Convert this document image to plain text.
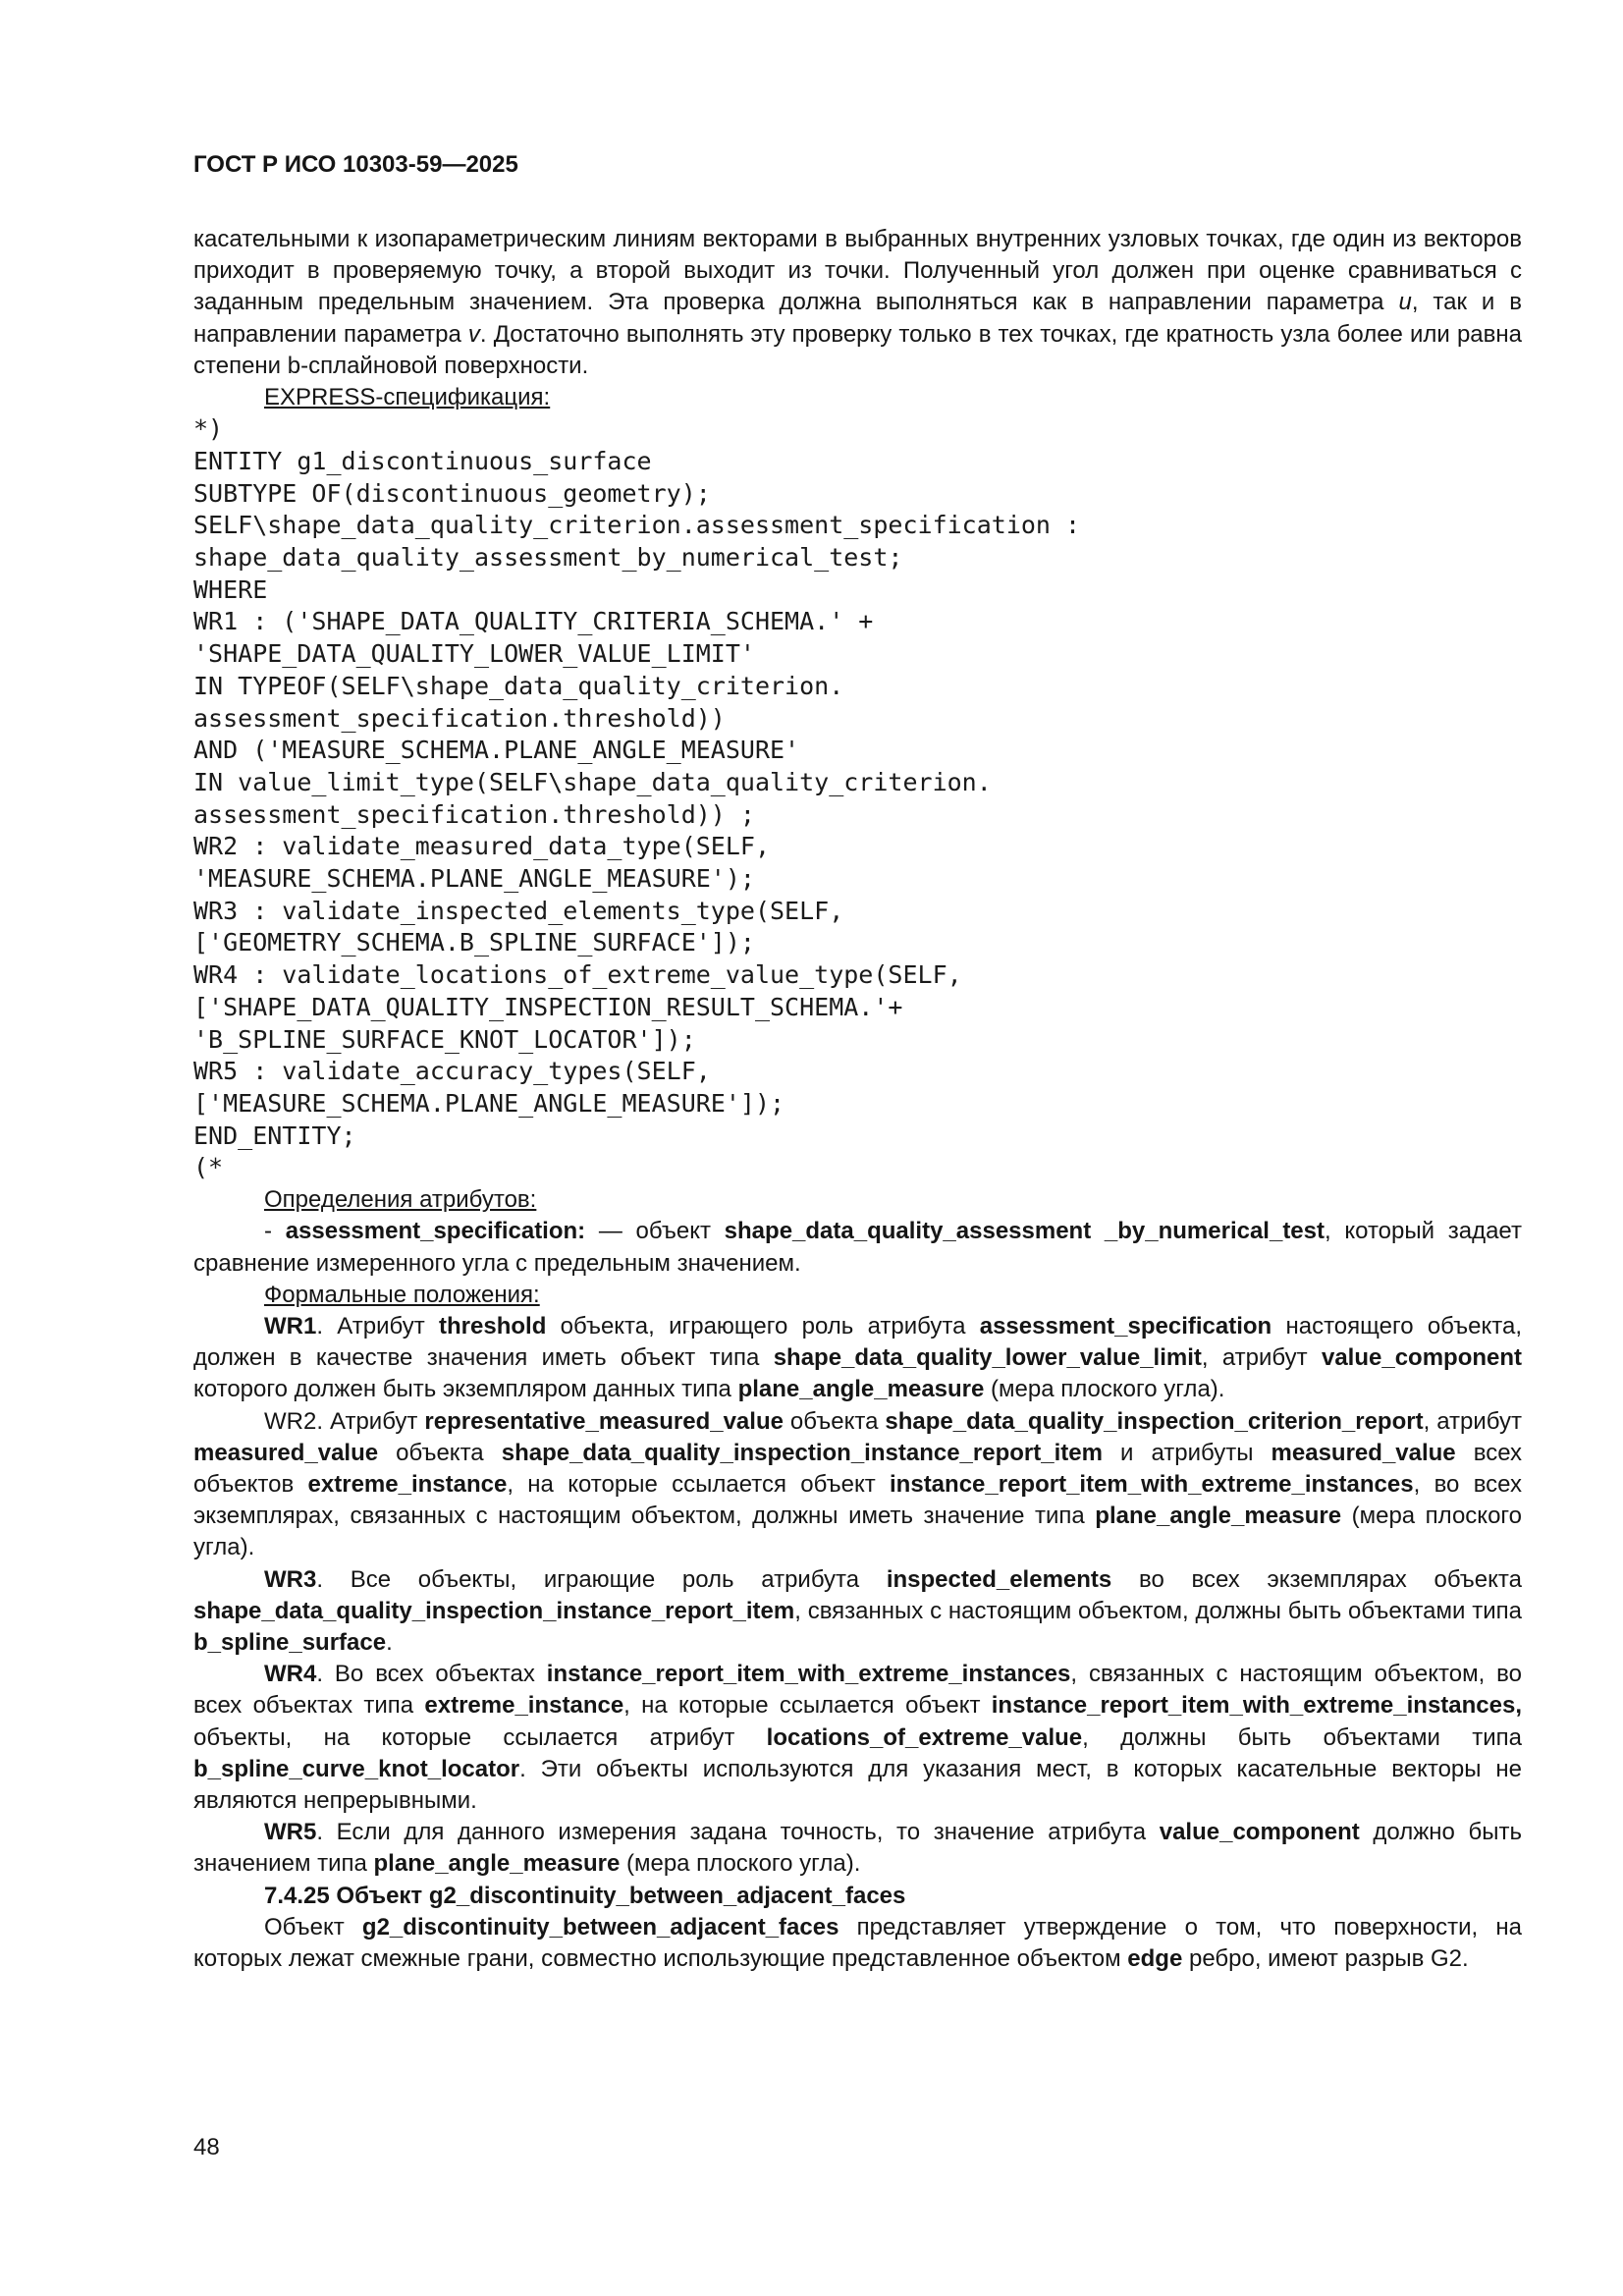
ГОСТ Р ИСО 10303-59—2025

касательными к изопараметрическим линиям векторами в выбранных внутренних узловых точках, где один из векторов приходит в проверяемую точку, а второй выходит из точки. Полученный угол должен при оценке сравниваться с заданным предельным значением. Эта проверка должна выполняться как в направлении параметра u, так и в направлении параметра v. Достаточно выполнять эту проверку только в тех точках, где кратность узла более или равна степени b-сплайновой поверхности.

EXPRESS-спецификация:

*)
ENTITY g1_discontinuous_surface
SUBTYPE OF(discontinuous_geometry);
SELF\shape_data_quality_criterion.assessment_specification :
shape_data_quality_assessment_by_numerical_test;
WHERE
WR1 : ('SHAPE_DATA_QUALITY_CRITERIA_SCHEMA.' +
'SHAPE_DATA_QUALITY_LOWER_VALUE_LIMIT'
IN TYPEOF(SELF\shape_data_quality_criterion.
assessment_specification.threshold))
AND ('MEASURE_SCHEMA.PLANE_ANGLE_MEASURE'
IN value_limit_type(SELF\shape_data_quality_criterion.
assessment_specification.threshold)) ;
WR2 : validate_measured_data_type(SELF,
'MEASURE_SCHEMA.PLANE_ANGLE_MEASURE');
WR3 : validate_inspected_elements_type(SELF,
['GEOMETRY_SCHEMA.B_SPLINE_SURFACE']);
WR4 : validate_locations_of_extreme_value_type(SELF,
['SHAPE_DATA_QUALITY_INSPECTION_RESULT_SCHEMA.'+
'B_SPLINE_SURFACE_KNOT_LOCATOR']);
WR5 : validate_accuracy_types(SELF,
['MEASURE_SCHEMA.PLANE_ANGLE_MEASURE']);
END_ENTITY;
(*

Определения атрибутов:

- assessment_specification: — объект shape_data_quality_assessment _by_numerical_test, который задает сравнение измеренного угла с предельным значением.

Формальные положения:

WR1. Атрибут threshold объекта, играющего роль атрибута assessment_specification настоящего объекта, должен в качестве значения иметь объект типа shape_data_quality_lower_value_limit, атрибут value_component которого должен быть экземпляром данных типа plane_angle_measure (мера плоского угла).

WR2. Атрибут representative_measured_value объекта shape_data_quality_inspection_criterion_report, атрибут measured_value объекта shape_data_quality_inspection_instance_report_item и атрибуты measured_value всех объектов extreme_instance, на которые ссылается объект instance_report_item_with_extreme_instances, во всех экземплярах, связанных с настоящим объектом, должны иметь значение типа plane_angle_measure (мера плоского угла).

WR3. Все объекты, играющие роль атрибута inspected_elements во всех экземплярах объекта shape_data_quality_inspection_instance_report_item, связанных с настоящим объектом, должны быть объектами типа b_spline_surface.

WR4. Во всех объектах instance_report_item_with_extreme_instances, связанных с настоящим объектом, во всех объектах типа extreme_instance, на которые ссылается объект instance_report_item_with_extreme_instances, объекты, на которые ссылается атрибут locations_of_extreme_value, должны быть объектами типа b_spline_curve_knot_locator. Эти объекты используются для указания мест, в которых касательные векторы не являются непрерывными.

WR5. Если для данного измерения задана точность, то значение атрибута value_component должно быть значением типа plane_angle_measure (мера плоского угла).

7.4.25 Объект g2_discontinuity_between_adjacent_faces

Объект g2_discontinuity_between_adjacent_faces представляет утверждение о том, что поверхности, на которых лежат смежные грани, совместно использующие представленное объектом edge ребро, имеют разрыв G2.

48
